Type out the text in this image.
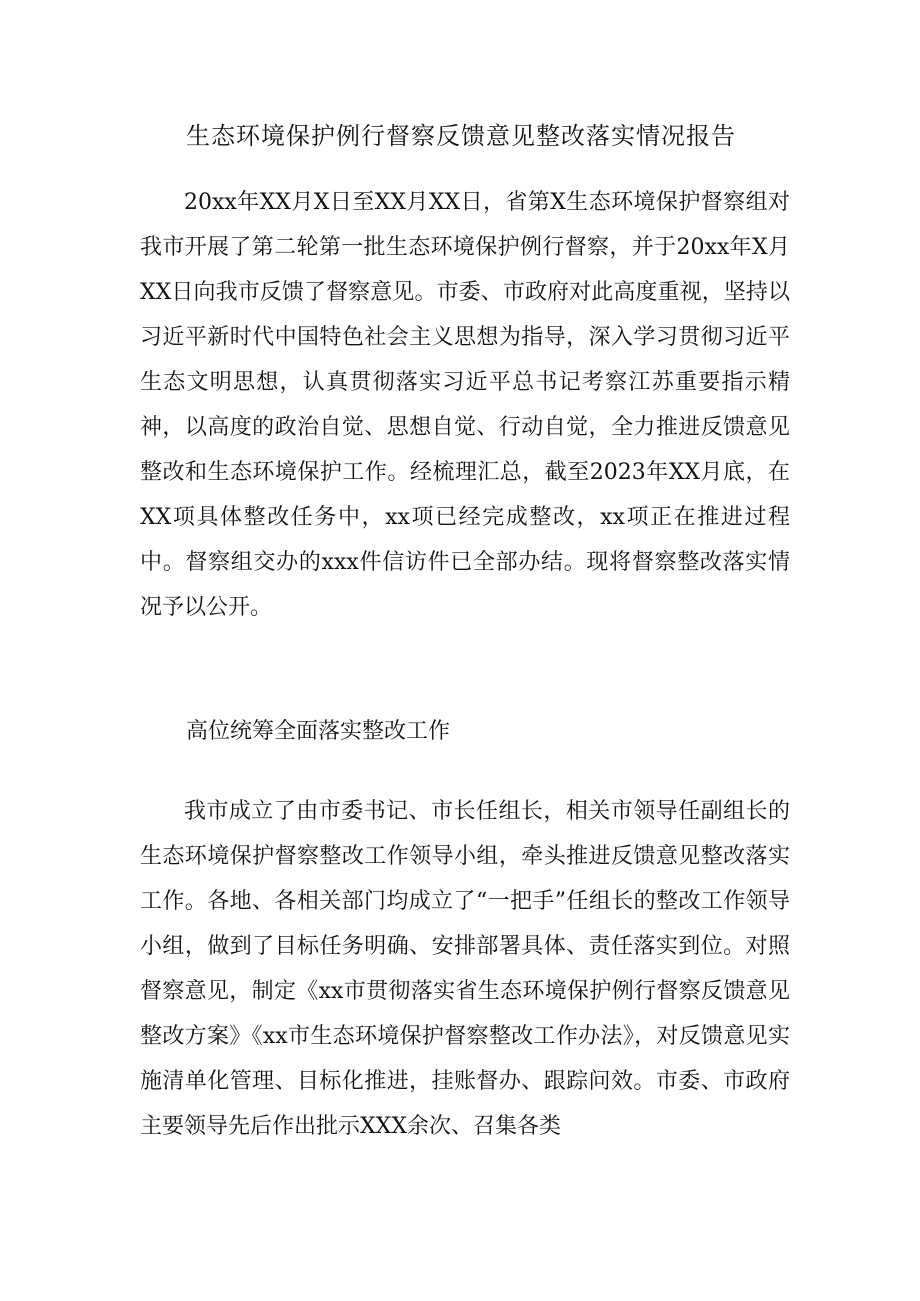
生态环境保护例行督察反馈意见整改落实情况报告

20xx年XX月X日至XX月XX日，省第X生态环境保护督察组对我市开展了第二轮第一批生态环境保护例行督察，并于20xx年X月XX日向我市反馈了督察意见。市委、市政府对此高度重视，坚持以习近平新时代中国特色社会主义思想为指导，深入学习贯彻习近平生态文明思想，认真贯彻落实习近平总书记考察江苏重要指示精神，以高度的政治自觉、思想自觉、行动自觉，全力推进反馈意见整改和生态环境保护工作。经梳理汇总，截至2023年XX月底，在XX项具体整改任务中，xx项已经完成整改，xx项正在推进过程中。督察组交办的xxx件信访件已全部办结。现将督察整改落实情况予以公开。

高位统筹全面落实整改工作

我市成立了由市委书记、市长任组长，相关市领导任副组长的生态环境保护督察整改工作领导小组，牵头推进反馈意见整改落实工作。各地、各相关部门均成立了“一把手”任组长的整改工作领导小组，做到了目标任务明确、安排部署具体、责任落实到位。对照督察意见，制定《xx市贯彻落实省生态环境保护例行督察反馈意见整改方案》《xx市生态环境保护督察整改工作办法》，对反馈意见实施清单化管理、目标化推进，挂账督办、跟踪问效。市委、市政府主要领导先后作出批示XXX余次、召集各类
